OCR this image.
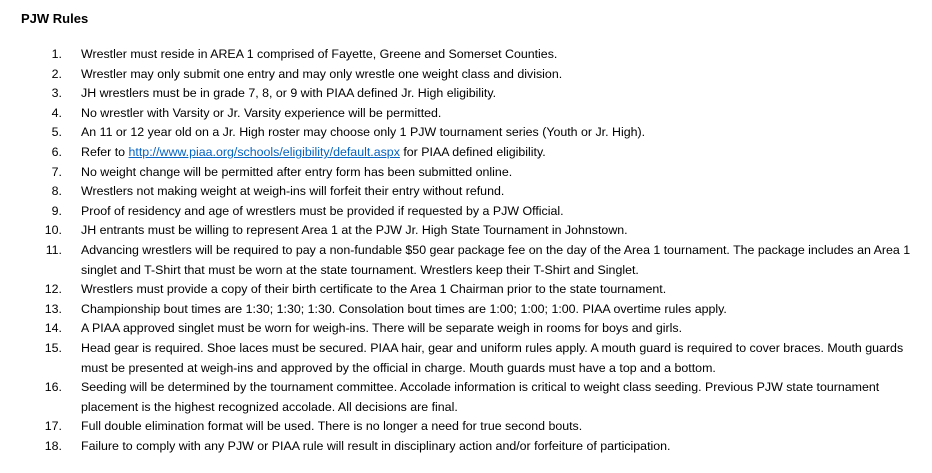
PJW Rules
1. Wrestler must reside in AREA 1 comprised of Fayette, Greene and Somerset Counties.
2. Wrestler may only submit one entry and may only wrestle one weight class and division.
3. JH wrestlers must be in grade 7, 8, or 9 with PIAA defined Jr. High eligibility.
4. No wrestler with Varsity or Jr. Varsity experience will be permitted.
5. An 11 or 12 year old on a Jr. High roster may choose only 1 PJW tournament series (Youth or Jr. High).
6. Refer to http://www.piaa.org/schools/eligibility/default.aspx for PIAA defined eligibility.
7. No weight change will be permitted after entry form has been submitted online.
8. Wrestlers not making weight at weigh-ins will forfeit their entry without refund.
9. Proof of residency and age of wrestlers must be provided if requested by a PJW Official.
10. JH entrants must be willing to represent Area 1 at the PJW Jr. High State Tournament in Johnstown.
11. Advancing wrestlers will be required to pay a non-fundable $50 gear package fee on the day of the Area 1 tournament. The package includes an Area 1 singlet and T-Shirt that must be worn at the state tournament. Wrestlers keep their T-Shirt and Singlet.
12. Wrestlers must provide a copy of their birth certificate to the Area 1 Chairman prior to the state tournament.
13. Championship bout times are 1:30; 1:30; 1:30. Consolation bout times are 1:00; 1:00; 1:00. PIAA overtime rules apply.
14. A PIAA approved singlet must be worn for weigh-ins. There will be separate weigh in rooms for boys and girls.
15. Head gear is required. Shoe laces must be secured. PIAA hair, gear and uniform rules apply. A mouth guard is required to cover braces. Mouth guards must be presented at weigh-ins and approved by the official in charge. Mouth guards must have a top and a bottom.
16. Seeding will be determined by the tournament committee. Accolade information is critical to weight class seeding. Previous PJW state tournament placement is the highest recognized accolade. All decisions are final.
17. Full double elimination format will be used. There is no longer a need for true second bouts.
18. Failure to comply with any PJW or PIAA rule will result in disciplinary action and/or forfeiture of participation.
